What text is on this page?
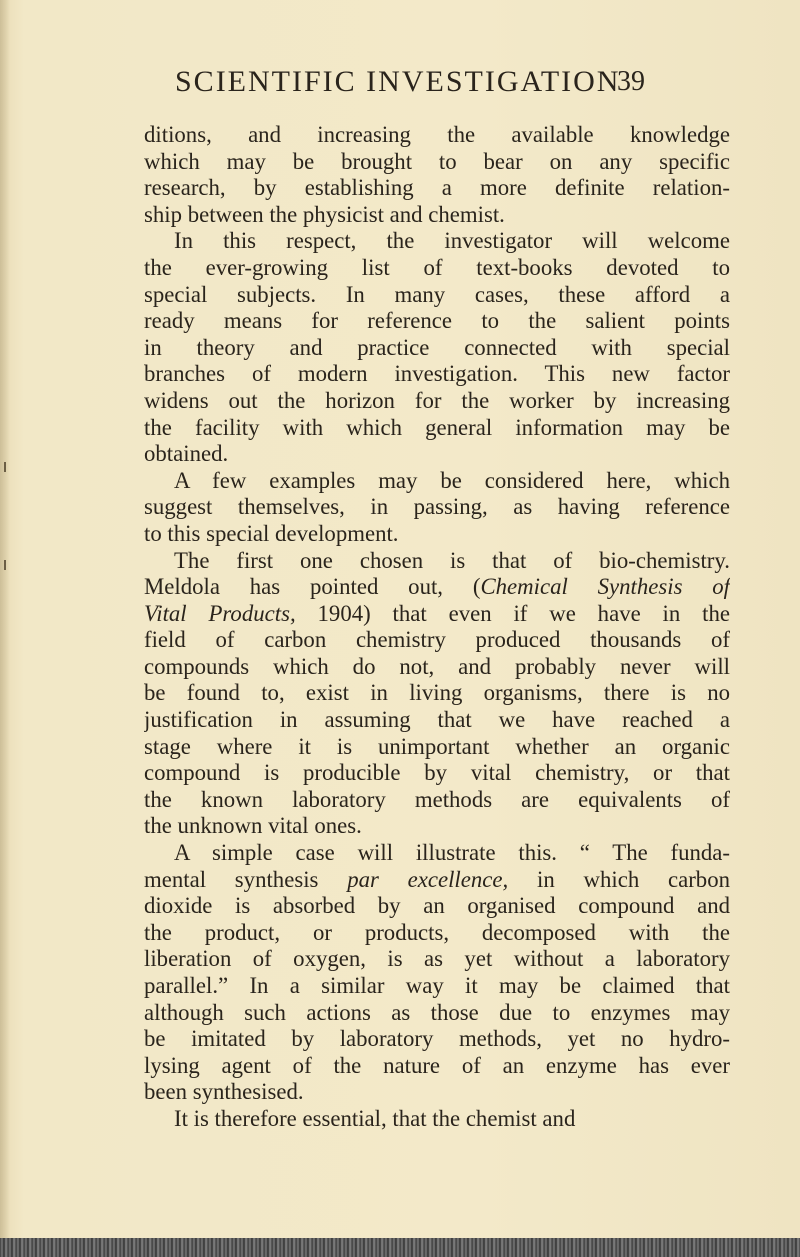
SCIENTIFIC INVESTIGATION
39
ditions, and increasing the available knowledge
which may be brought to bear on any specific
research, by establishing a more definite relation-
ship between the physicist and chemist.
In this respect, the investigator will welcome
the ever-growing list of text-books devoted to
special subjects. In many cases, these afford a
ready means for reference to the salient points
in theory and practice connected with special
branches of modern investigation. This new factor
widens out the horizon for the worker by increasing
the facility with which general information may be
obtained.
A few examples may be considered here, which
suggest themselves, in passing, as having reference
to this special development.
The first one chosen is that of bio-chemistry.
Meldola has pointed out, (Chemical Synthesis of
Vital Products, 1904) that even if we have in the
field of carbon chemistry produced thousands of
compounds which do not, and probably never will
be found to, exist in living organisms, there is no
justification in assuming that we have reached a
stage where it is unimportant whether an organic
compound is producible by vital chemistry, or that
the known laboratory methods are equivalents of
the unknown vital ones.
A simple case will illustrate this. “ The funda-
mental synthesis par excellence, in which carbon
dioxide is absorbed by an organised compound and
the product, or products, decomposed with the
liberation of oxygen, is as yet without a laboratory
parallel.” In a similar way it may be claimed that
although such actions as those due to enzymes may
be imitated by laboratory methods, yet no hydro-
lysing agent of the nature of an enzyme has ever
been synthesised.
It is therefore essential, that the chemist and
